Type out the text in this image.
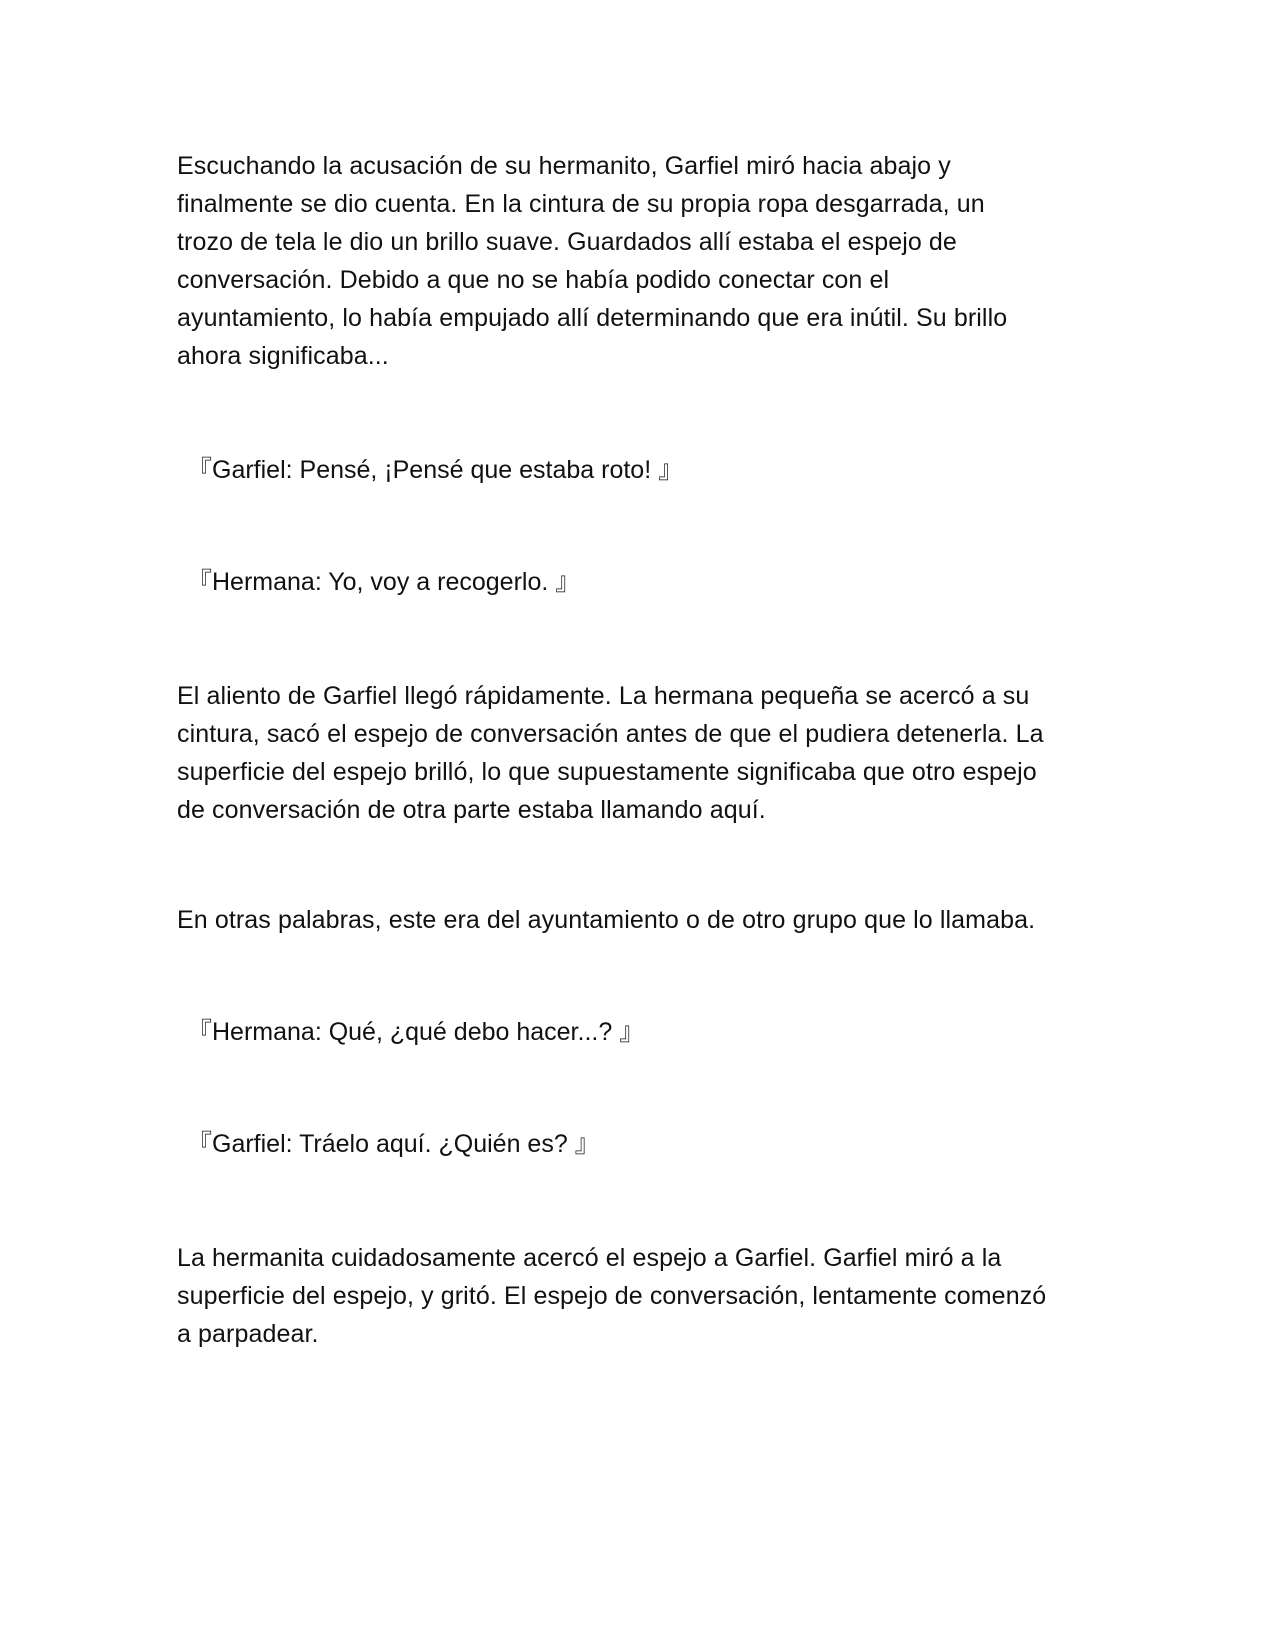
Escuchando la acusación de su hermanito, Garfiel miró hacia abajo y
finalmente se dio cuenta. En la cintura de su propia ropa desgarrada, un
trozo de tela le dio un brillo suave. Guardados allí estaba el espejo de
conversación. Debido a que no se había podido conectar con el
ayuntamiento, lo había empujado allí determinando que era inútil. Su brillo
ahora significaba...

『Garfiel: Pensé, ¡Pensé que estaba roto! 』

『Hermana: Yo, voy a recogerlo. 』

El aliento de Garfiel llegó rápidamente. La hermana pequeña se acercó a su
cintura, sacó el espejo de conversación antes de que el pudiera detenerla. La
superficie del espejo brilló, lo que supuestamente significaba que otro espejo
de conversación de otra parte estaba llamando aquí.

En otras palabras, este era del ayuntamiento o de otro grupo que lo llamaba.

『Hermana: Qué, ¿qué debo hacer...? 』

『Garfiel: Tráelo aquí. ¿Quién es? 』

La hermanita cuidadosamente acercó el espejo a Garfiel. Garfiel miró a la
superficie del espejo, y gritó. El espejo de conversación, lentamente comenzó
a parpadear.
